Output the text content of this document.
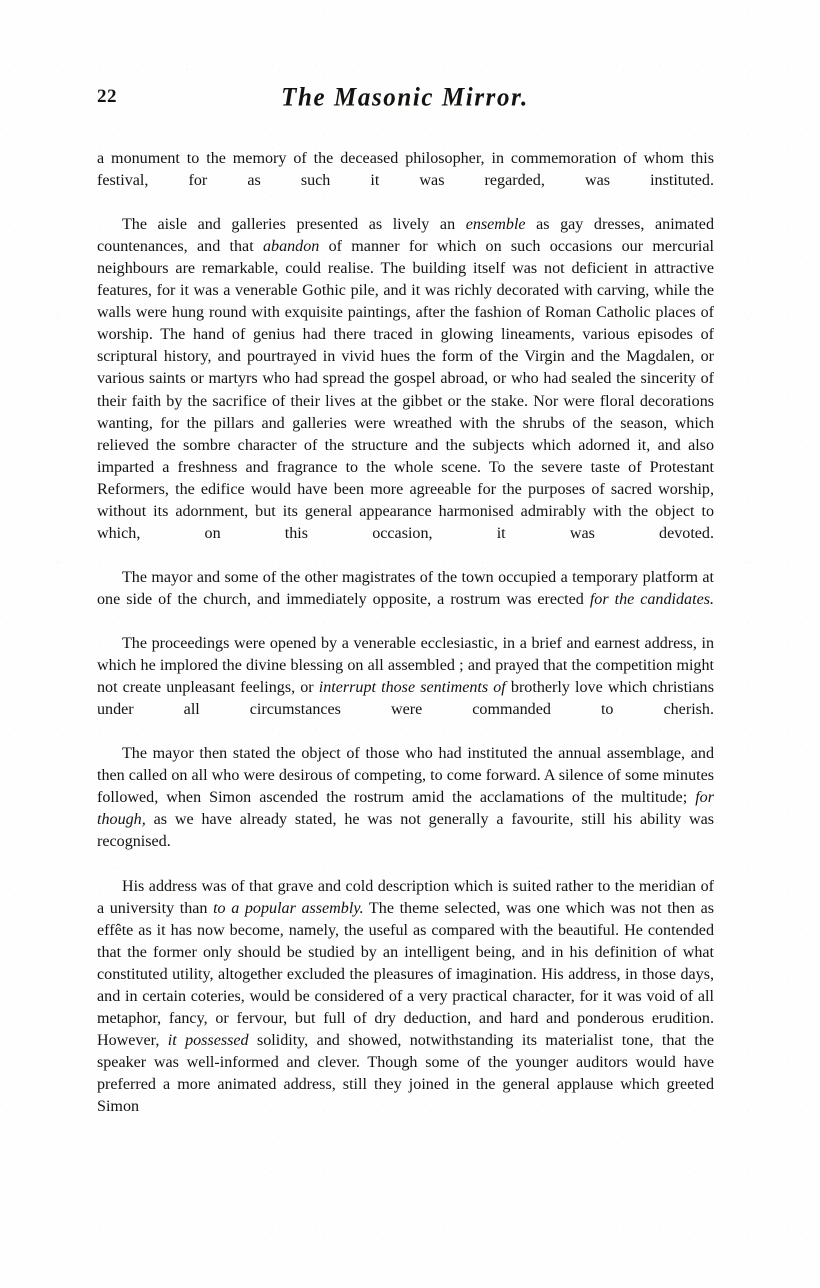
22	The Masonic Mirror.

a monument to the memory of the deceased philosopher, in commemoration of whom this festival, for as such it was regarded, was instituted.

The aisle and galleries presented as lively an ensemble as gay dresses, animated countenances, and that abandon of manner for which on such occasions our mercurial neighbours are remarkable, could realise. The building itself was not deficient in attractive features, for it was a venerable Gothic pile, and it was richly decorated with carving, while the walls were hung round with exquisite paintings, after the fashion of Roman Catholic places of worship. The hand of genius had there traced in glowing lineaments, various episodes of scriptural history, and pourtrayed in vivid hues the form of the Virgin and the Magdalen, or various saints or martyrs who had spread the gospel abroad, or who had sealed the sincerity of their faith by the sacrifice of their lives at the gibbet or the stake. Nor were floral decorations wanting, for the pillars and galleries were wreathed with the shrubs of the season, which relieved the sombre character of the structure and the subjects which adorned it, and also imparted a freshness and fragrance to the whole scene. To the severe taste of Protestant Reformers, the edifice would have been more agreeable for the purposes of sacred worship, without its adornment, but its general appearance harmonised admirably with the object to which, on this occasion, it was devoted.

The mayor and some of the other magistrates of the town occupied a temporary platform at one side of the church, and immediately opposite, a rostrum was erected for the candidates.

The proceedings were opened by a venerable ecclesiastic, in a brief and earnest address, in which he implored the divine blessing on all assembled ; and prayed that the competition might not create unpleasant feelings, or interrupt those sentiments of brotherly love which christians under all circumstances were commanded to cherish.

The mayor then stated the object of those who had instituted the annual assemblage, and then called on all who were desirous of competing, to come forward. A silence of some minutes followed, when Simon ascended the rostrum amid the acclamations of the multitude; for though, as we have already stated, he was not generally a favourite, still his ability was recognised.

His address was of that grave and cold description which is suited rather to the meridian of a university than to a popular assembly. The theme selected, was one which was not then as effête as it has now become, namely, the useful as compared with the beautiful. He contended that the former only should be studied by an intelligent being, and in his definition of what constituted utility, altogether excluded the pleasures of imagination. His address, in those days, and in certain coteries, would be considered of a very practical character, for it was void of all metaphor, fancy, or fervour, but full of dry deduction, and hard and ponderous erudition. However, it possessed solidity, and showed, notwithstanding its materialist tone, that the speaker was well-informed and clever. Though some of the younger auditors would have preferred a more animated address, still they joined in the general applause which greeted Simon
